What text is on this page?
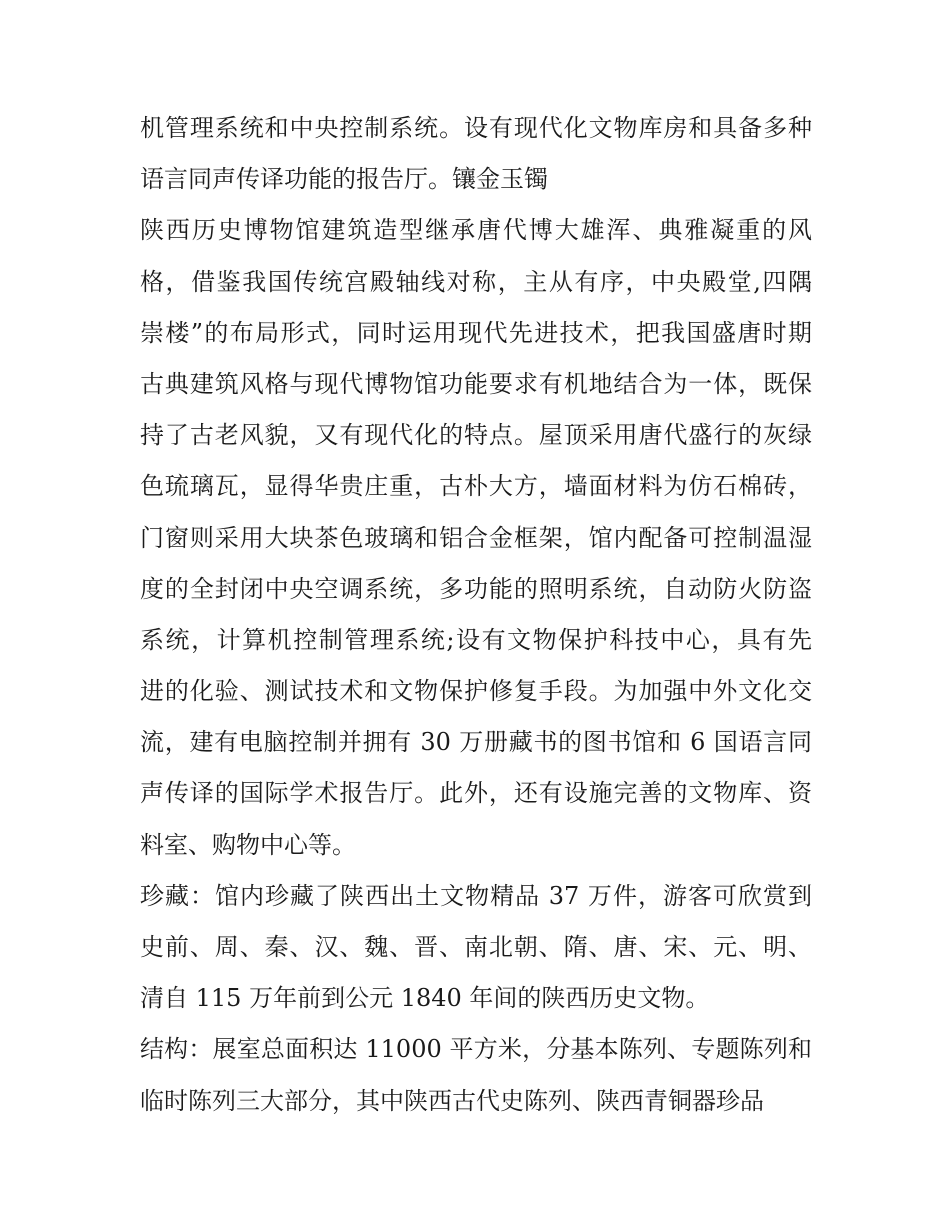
机管理系统和中央控制系统。设有现代化文物库房和具备多种
语言同声传译功能的报告厅。镶金玉镯

陕西历史博物馆建筑造型继承唐代博大雄浑、典雅凝重的风
格，借鉴我国传统宫殿轴线对称，主从有序，中央殿堂,四隅
崇楼”的布局形式，同时运用现代先进技术，把我国盛唐时期
古典建筑风格与现代博物馆功能要求有机地结合为一体，既保
持了古老风貌，又有现代化的特点。屋顶采用唐代盛行的灰绿
色琉璃瓦，显得华贵庄重，古朴大方，墙面材料为仿石棉砖，
门窗则采用大块茶色玻璃和铝合金框架，馆内配备可控制温湿
度的全封闭中央空调系统，多功能的照明系统，自动防火防盗
系统，计算机控制管理系统;设有文物保护科技中心，具有先
进的化验、测试技术和文物保护修复手段。为加强中外文化交
流，建有电脑控制并拥有 30 万册藏书的图书馆和 6 国语言同
声传译的国际学术报告厅。此外，还有设施完善的文物库、资
料室、购物中心等。

珍藏：馆内珍藏了陕西出土文物精品 37 万件，游客可欣赏到
史前、周、秦、汉、魏、晋、南北朝、隋、唐、宋、元、明、
清自 115 万年前到公元 1840 年间的陕西历史文物。

结构：展室总面积达 11000 平方米，分基本陈列、专题陈列和
临时陈列三大部分，其中陕西古代史陈列、陕西青铜器珍品
